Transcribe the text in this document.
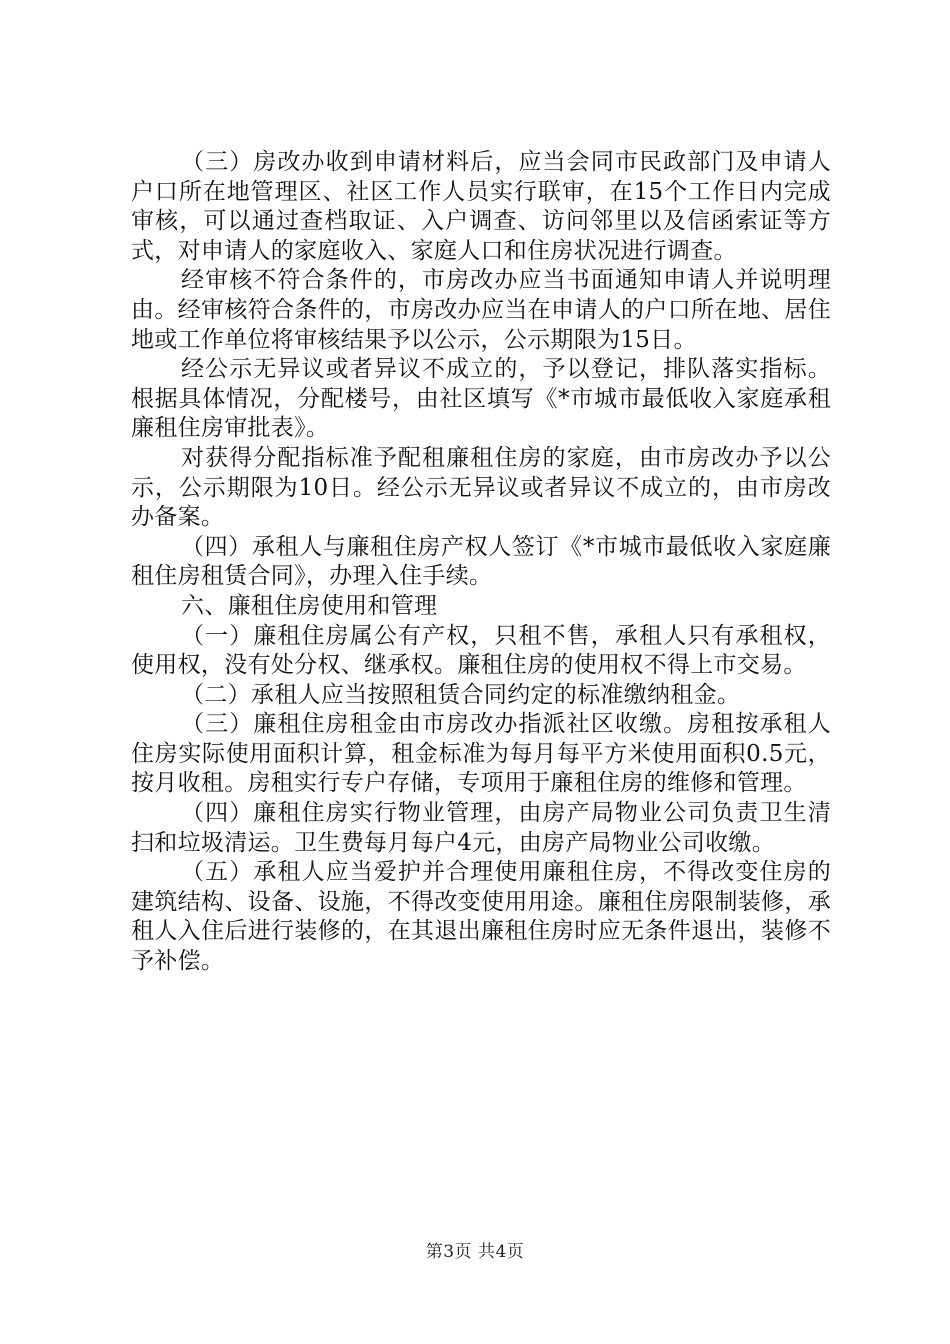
（三）房改办收到申请材料后，应当会同市民政部门及申请人户口所在地管理区、社区工作人员实行联审，在15个工作日内完成审核，可以通过查档取证、入户调查、访问邻里以及信函索证等方式，对申请人的家庭收入、家庭人口和住房状况进行调查。

经审核不符合条件的，市房改办应当书面通知申请人并说明理由。经审核符合条件的，市房改办应当在申请人的户口所在地、居住地或工作单位将审核结果予以公示，公示期限为15日。

经公示无异议或者异议不成立的，予以登记，排队落实指标。根据具体情况，分配楼号，由社区填写《*市城市最低收入家庭承租廉租住房审批表》。

对获得分配指标准予配租廉租住房的家庭，由市房改办予以公示，公示期限为10日。经公示无异议或者异议不成立的，由市房改办备案。

（四）承租人与廉租住房产权人签订《*市城市最低收入家庭廉租住房租赁合同》，办理入住手续。

六、廉租住房使用和管理

（一）廉租住房属公有产权，只租不售，承租人只有承租权，使用权，没有处分权、继承权。廉租住房的使用权不得上市交易。

（二）承租人应当按照租赁合同约定的标准缴纳租金。

（三）廉租住房租金由市房改办指派社区收缴。房租按承租人住房实际使用面积计算，租金标准为每月每平方米使用面积0.5元，按月收租。房租实行专户存储，专项用于廉租住房的维修和管理。

（四）廉租住房实行物业管理，由房产局物业公司负责卫生清扫和垃圾清运。卫生费每月每户4元，由房产局物业公司收缴。

（五）承租人应当爱护并合理使用廉租住房，不得改变住房的建筑结构、设备、设施，不得改变使用用途。廉租住房限制装修，承租人入住后进行装修的，在其退出廉租住房时应无条件退出，装修不予补偿。

第3页 共4页
